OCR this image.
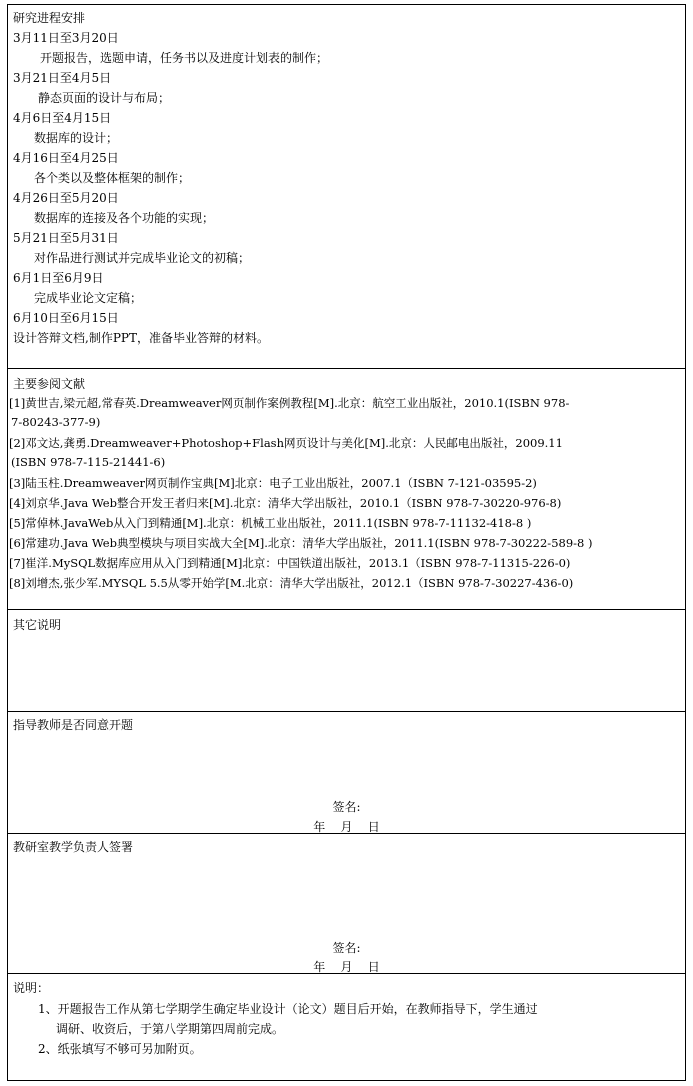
研究进程安排
3月11日至3月20日
开题报告，选题申请，任务书以及进度计划表的制作；
3月21日至4月5日
静态页面的设计与布局；
4月6日至4月15日
数据库的设计；
4月16日至4月25日
各个类以及整体框架的制作；
4月26日至5月20日
数据库的连接及各个功能的实现；
5月21日至5月31日
对作品进行测试并完成毕业论文的初稿；
6月1日至6月9日
完成毕业论文定稿；
6月10日至6月15日
设计答辩文档,制作PPT，准备毕业答辩的材料。
主要参阅文献
[1]黄世吉,梁元超,常春英.Dreamweaver网页制作案例教程[M].北京：航空工业出版社，2010.1(ISBN 978-
7-80243-377-9)
[2]邓文达,龚勇.Dreamweaver+Photoshop+Flash网页设计与美化[M].北京：人民邮电出版社，2009.11
(ISBN 978-7-115-21441-6)
[3]陆玉柱.Dreamweaver网页制作宝典[M]北京：电子工业出版社，2007.1（ISBN 7-121-03595-2)
[4]刘京华.Java Web整合开发王者归来[M].北京：清华大学出版社，2010.1（ISBN 978-7-30220-976-8)
[5]常倬林.JavaWeb从入门到精通[M].北京：机械工业出版社，2011.1(ISBN 978-7-11132-418-8 )
[6]常建功.Java Web典型模块与项目实战大全[M].北京：清华大学出版社，2011.1(ISBN 978-7-30222-589-8 )
[7]崔洋.MySQL数据库应用从入门到精通[M]北京：中国铁道出版社，2013.1（ISBN 978-7-11315-226-0)
[8]刘增杰,张少军.MYSQL 5.5从零开始学[M.北京：清华大学出版社，2012.1（ISBN 978-7-30227-436-0)
其它说明
指导教师是否同意开题
签名:
年    月    日
教研室教学负责人签署
签名:
年    月    日
说明：
1、开题报告工作从第七学期学生确定毕业设计（论文）题目后开始，在教师指导下，学生通过
调研、收资后，于第八学期第四周前完成。
2、纸张填写不够可另加附页。
